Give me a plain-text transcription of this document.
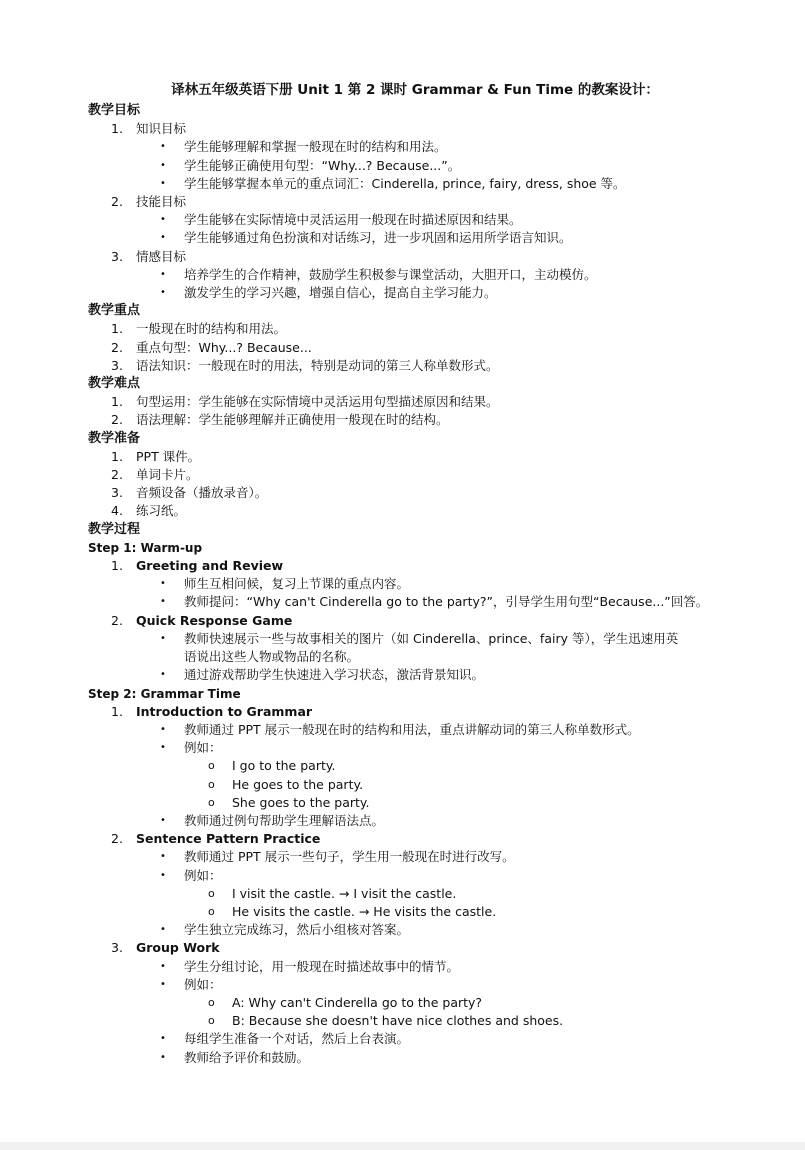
译林五年级英语下册 Unit 1 第 2 课时 Grammar & Fun Time 的教案设计：
教学目标
1.	知识目标
•	学生能够理解和掌握一般现在时的结构和用法。
•	学生能够正确使用句型：“Why...? Because...”。
•	学生能够掌握本单元的重点词汇：Cinderella, prince, fairy, dress, shoe 等。
2.	技能目标
•	学生能够在实际情境中灵活运用一般现在时描述原因和结果。
•	学生能够通过角色扮演和对话练习，进一步巩固和运用所学语言知识。
3.	情感目标
•	培养学生的合作精神，鼓励学生积极参与课堂活动，大胆开口，主动模仿。
•	激发学生的学习兴趣，增强自信心，提高自主学习能力。
教学重点
1.	一般现在时的结构和用法。
2.	重点句型：Why...? Because...
3.	语法知识：一般现在时的用法，特别是动词的第三人称单数形式。
教学难点
1.	句型运用：学生能够在实际情境中灵活运用句型描述原因和结果。
2.	语法理解：学生能够理解并正确使用一般现在时的结构。
教学准备
1.	PPT 课件。
2.	单词卡片。
3.	音频设备（播放录音）。
4.	练习纸。
教学过程
Step 1: Warm-up
1.	Greeting and Review
•	师生互相问候，复习上节课的重点内容。
•	教师提问：“Why can't Cinderella go to the party?”，引导学生用句型“Because...”回答。
2.	Quick Response Game
•	教师快速展示一些与故事相关的图片（如 Cinderella、prince、fairy 等），学生迅速用英语说出这些人物或物品的名称。
•	通过游戏帮助学生快速进入学习状态，激活背景知识。
Step 2: Grammar Time
1.	Introduction to Grammar
•	教师通过 PPT 展示一般现在时的结构和用法，重点讲解动词的第三人称单数形式。
•	例如：
o	I go to the party.
o	He goes to the party.
o	She goes to the party.
•	教师通过例句帮助学生理解语法点。
2.	Sentence Pattern Practice
•	教师通过 PPT 展示一些句子，学生用一般现在时进行改写。
•	例如：
o	I visit the castle. → I visit the castle.
o	He visits the castle. → He visits the castle.
•	学生独立完成练习，然后小组核对答案。
3.	Group Work
•	学生分组讨论，用一般现在时描述故事中的情节。
•	例如：
o	A: Why can't Cinderella go to the party?
o	B: Because she doesn't have nice clothes and shoes.
•	每组学生准备一个对话，然后上台表演。
•	教师给予评价和鼓励。
